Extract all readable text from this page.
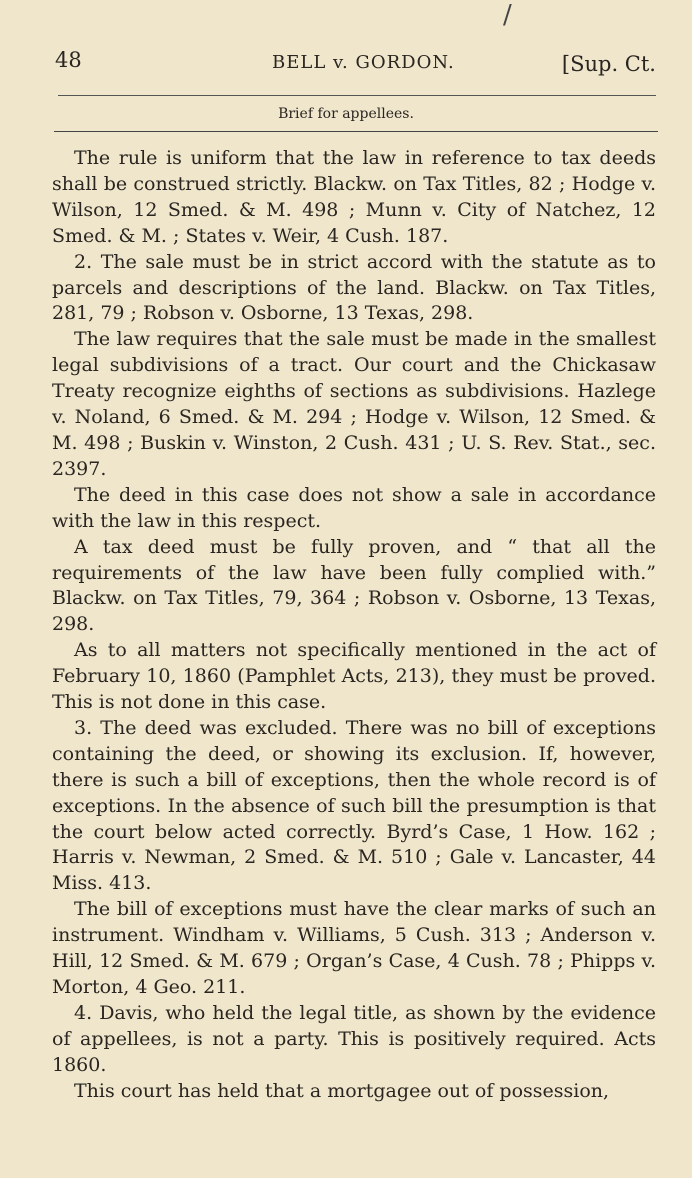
/
48	BELL v. GORDON.	[Sup. Ct.
Brief for appellees.

The rule is uniform that the law in reference to tax deeds shall be construed strictly. Blackw. on Tax Titles, 82 ; Hodge v. Wilson, 12 Smed. & M. 498 ; Munn v. City of Natchez, 12 Smed. & M. ; States v. Weir, 4 Cush. 187.

2. The sale must be in strict accord with the statute as to parcels and descriptions of the land. Blackw. on Tax Titles, 281, 79 ; Robson v. Osborne, 13 Texas, 298.

The law requires that the sale must be made in the smallest legal subdivisions of a tract. Our court and the Chickasaw Treaty recognize eighths of sections as subdivisions. Hazlege v. Noland, 6 Smed. & M. 294 ; Hodge v. Wilson, 12 Smed. & M. 498 ; Buskin v. Winston, 2 Cush. 431 ; U. S. Rev. Stat., sec. 2397.

The deed in this case does not show a sale in accordance with the law in this respect.

A tax deed must be fully proven, and “ that all the requirements of the law have been fully complied with.” Blackw. on Tax Titles, 79, 364 ; Robson v. Osborne, 13 Texas, 298.

As to all matters not specifically mentioned in the act of February 10, 1860 (Pamphlet Acts, 213), they must be proved. This is not done in this case.

3. The deed was excluded. There was no bill of exceptions containing the deed, or showing its exclusion. If, however, there is such a bill of exceptions, then the whole record is of exceptions. In the absence of such bill the presumption is that the court below acted correctly. Byrd’s Case, 1 How. 162 ; Harris v. Newman, 2 Smed. & M. 510 ; Gale v. Lancaster, 44 Miss. 413.

The bill of exceptions must have the clear marks of such an instrument. Windham v. Williams, 5 Cush. 313 ; Anderson v. Hill, 12 Smed. & M. 679 ; Organ’s Case, 4 Cush. 78 ; Phipps v. Morton, 4 Geo. 211.

4. Davis, who held the legal title, as shown by the evidence of appellees, is not a party. This is positively required. Acts 1860.

This court has held that a mortgagee out of possession,
